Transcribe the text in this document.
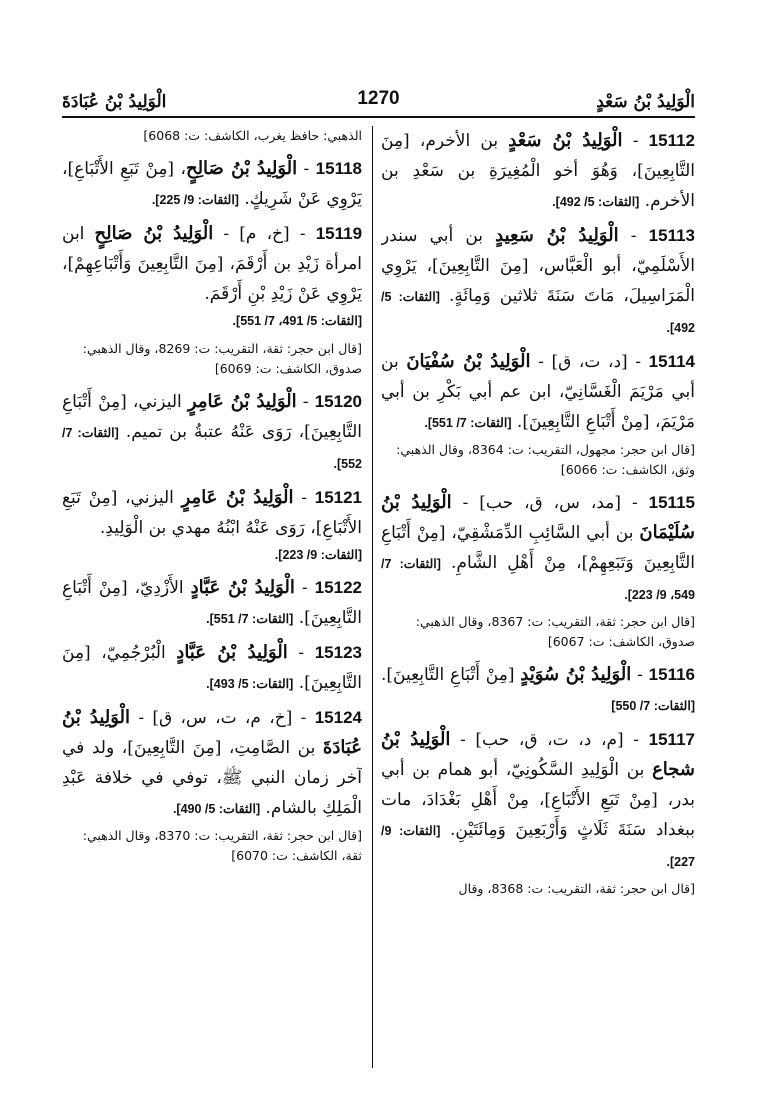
الْوَلِيدُ بْنُ سَعْدٍ
1270
الْوَلِيدُ بْنُ عُبَادَةَ

15112 - الْوَلِيدُ بْنُ سَعْدٍ بن الأخرم، [مِنَ التَّابِعِينَ]، وَهُوَ أخو الْمُغِيرَةِ بن سَعْدِ بن الأخرم. [الثقات: 5/ 492].

15113 - الْوَلِيدُ بْنُ سَعِيدٍ بن أبي سندر الأَسْلَمِيّ، أبو الْعَبَّاس، [مِنَ التَّابِعِينَ]، يَرْوِي الْمَرَاسِيلَ، مَاتَ سَنَةَ ثلاثين وَمِائَةٍ. [الثقات: 5/ 492].

15114 - [د، ت، ق] - الْوَلِيدُ بْنُ سُفْيَانَ بن أبي مَرْيَمَ الْغَسَّانِيّ، ابن عم أبي بَكْرِ بن أبي مَرْيَمَ، [مِنْ أَتْبَاعِ التَّابِعِينَ]. [الثقات: 7/ 551].

[قال ابن حجر: مجهول، التقريب: ت: 8364، وقال الذهبي: وثق، الكاشف: ت: 6066]

15115 - [مد، س، ق، حب] - الْوَلِيدُ بْنُ سُلَيْمَانَ بن أبي السَّائِبِ الدِّمَشْقِيّ، [مِنْ أَتْبَاعِ التَّابِعِينَ وَتَبَعِهِمْ]، مِنْ أَهْلِ الشَّامِ. [الثقات: 7/ 549، 9/ 223].

[قال ابن حجر: ثقة، التقريب: ت: 8367، وقال الذهبي: صدوق، الكاشف: ت: 6067]

15116 - الْوَلِيدُ بْنُ سُوَيْدٍ [مِنْ أَتْبَاعِ التَّابِعِينَ]. [الثقات: 7/ 550]

15117 - [م، د، ت، ق، حب] - الْوَلِيدُ بْنُ شجاع بن الْوَلِيدِ السَّكُونِيّ، أبو همام بن أبي بدر، [مِنْ تَبَعِ الأَتْبَاعِ]، مِنْ أَهْلِ بَغْدَادَ، مات ببغداد سَنَةَ ثَلَاثٍ وَأَرْبَعِينَ وَمِائَتَيْنِ. [الثقات: 9/ 227].

[قال ابن حجر: ثقة، التقريب: ت: 8368، وقال

الذهبي: حافظ يغرب، الكاشف: ت: 6068]

15118 - الْوَلِيدُ بْنُ صَالِحٍ، [مِنْ تَبَعِ الأَتْبَاعِ]، يَرْوِي عَنْ شَرِيكٍ. [الثقات: 9/ 225].

15119 - [خ، م] - الْوَلِيدُ بْنُ صَالِحٍ ابن امرأة زَيْدِ بن أَرْقَمَ، [مِنَ التَّابِعِينَ وَأَتْبَاعِهِمْ]، يَرْوِي عَنْ زَيْدِ بْنِ أَرْقَمَ.

[الثقات: 5/ 491، 7/ 551].

[قال ابن حجر: ثقة، التقريب: ت: 8269، وقال الذهبي: صدوق، الكاشف: ت: 6069]

15120 - الْوَلِيدُ بْنُ عَامِرٍ اليزني، [مِنْ أَتْبَاعِ التَّابِعِينَ]، رَوَى عَنْهُ عتبةُ بن تميم. [الثقات: 7/ 552].

15121 - الْوَلِيدُ بْنُ عَامِرٍ اليزني، [مِنْ تَبَعِ الأَتْبَاعِ]، رَوَى عَنْهُ ابْنُهُ مهدي بن الْوَلِيدِ.

[الثقات: 9/ 223].

15122 - الْوَلِيدُ بْنُ عَبَّادٍ الأَزْدِيّ، [مِنْ أَتْبَاعِ التَّابِعِينَ]. [الثقات: 7/ 551].

15123 - الْوَلِيدُ بْنُ عَبَّادٍ الْبُرْجُمِيّ، [مِنَ التَّابِعِينَ]. [الثقات: 5/ 493].

15124 - [خ، م، ت، س، ق] - الْوَلِيدُ بْنُ عُبَادَةَ بن الصَّامِتِ، [مِنَ التَّابِعِينَ]، ولد في آخر زمان النبي ﷺ، توفي في خلافة عَبْدِ الْمَلِكِ بالشام. [الثقات: 5/ 490].

[قال ابن حجر: ثقة، التقريب: ت: 8370، وقال الذهبي: ثقة، الكاشف: ت: 6070]
